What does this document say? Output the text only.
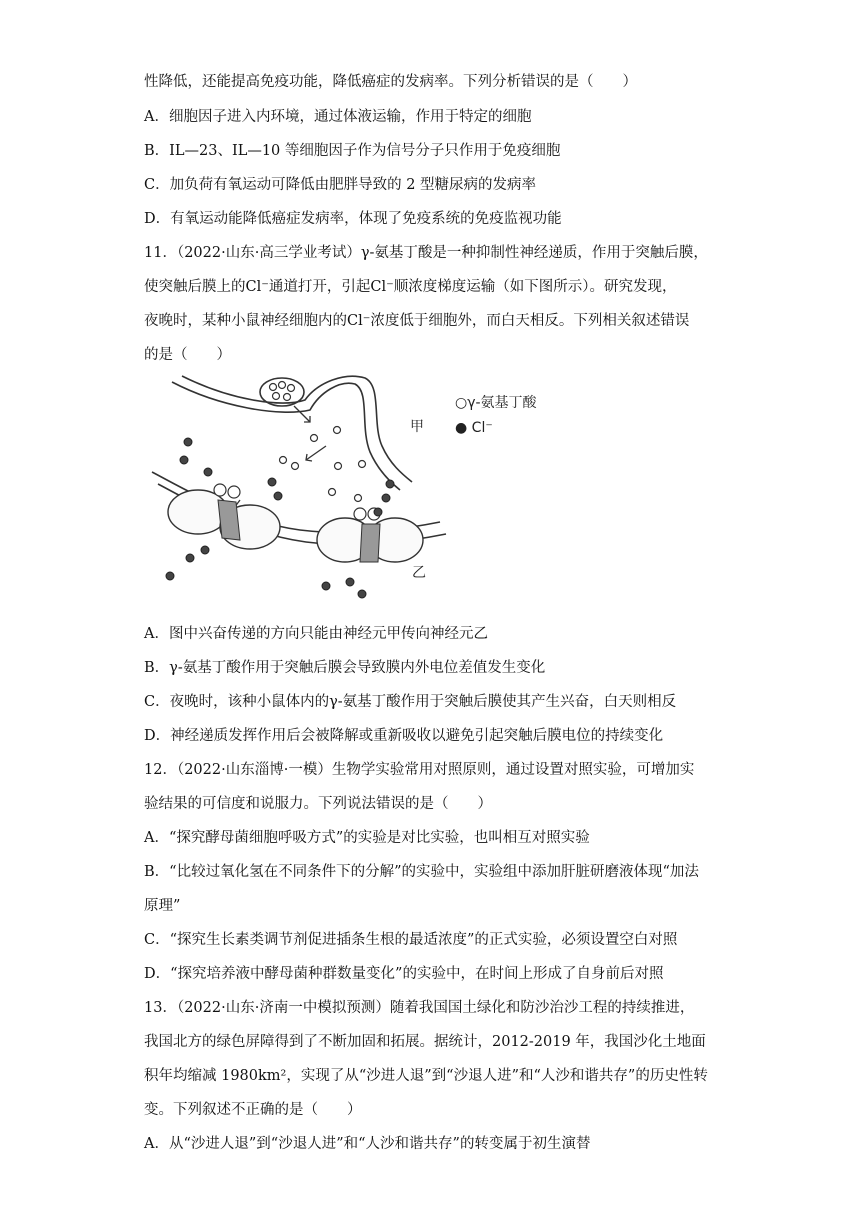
性降低，还能提高免疫功能，降低癌症的发病率。下列分析错误的是（　　）
A．细胞因子进入内环境，通过体液运输，作用于特定的细胞
B．IL—23、IL—10 等细胞因子作为信号分子只作用于免疫细胞
C．加负荷有氧运动可降低由肥胖导致的 2 型糖尿病的发病率
D．有氧运动能降低癌症发病率，体现了免疫系统的免疫监视功能
11．（2022·山东·高三学业考试）γ-氨基丁酸是一种抑制性神经递质，作用于突触后膜，
使突触后膜上的Cl⁻通道打开，引起Cl⁻顺浓度梯度运输（如下图所示）。研究发现，
夜晚时，某种小鼠神经细胞内的Cl⁻浓度低于细胞外，而白天相反。下列相关叙述错误
的是（　　）
○γ-氨基丁酸
● Cl⁻
甲
乙
A．图中兴奋传递的方向只能由神经元甲传向神经元乙
B．γ-氨基丁酸作用于突触后膜会导致膜内外电位差值发生变化
C．夜晚时，该种小鼠体内的γ-氨基丁酸作用于突触后膜使其产生兴奋，白天则相反
D．神经递质发挥作用后会被降解或重新吸收以避免引起突触后膜电位的持续变化
12．（2022·山东淄博·一模）生物学实验常用对照原则，通过设置对照实验，可增加实
验结果的可信度和说服力。下列说法错误的是（　　）
A．“探究酵母菌细胞呼吸方式”的实验是对比实验，也叫相互对照实验
B．“比较过氧化氢在不同条件下的分解”的实验中，实验组中添加肝脏研磨液体现“加法
原理”
C．“探究生长素类调节剂促进插条生根的最适浓度”的正式实验，必须设置空白对照
D．“探究培养液中酵母菌种群数量变化”的实验中，在时间上形成了自身前后对照
13．（2022·山东·济南一中模拟预测）随着我国国土绿化和防沙治沙工程的持续推进，
我国北方的绿色屏障得到了不断加固和拓展。据统计，2012-2019 年，我国沙化土地面
积年均缩减 1980km²，实现了从“沙进人退”到“沙退人进”和“人沙和谐共存”的历史性转
变。下列叙述不正确的是（　　）
A．从“沙进人退”到“沙退人进”和“人沙和谐共存”的转变属于初生演替
